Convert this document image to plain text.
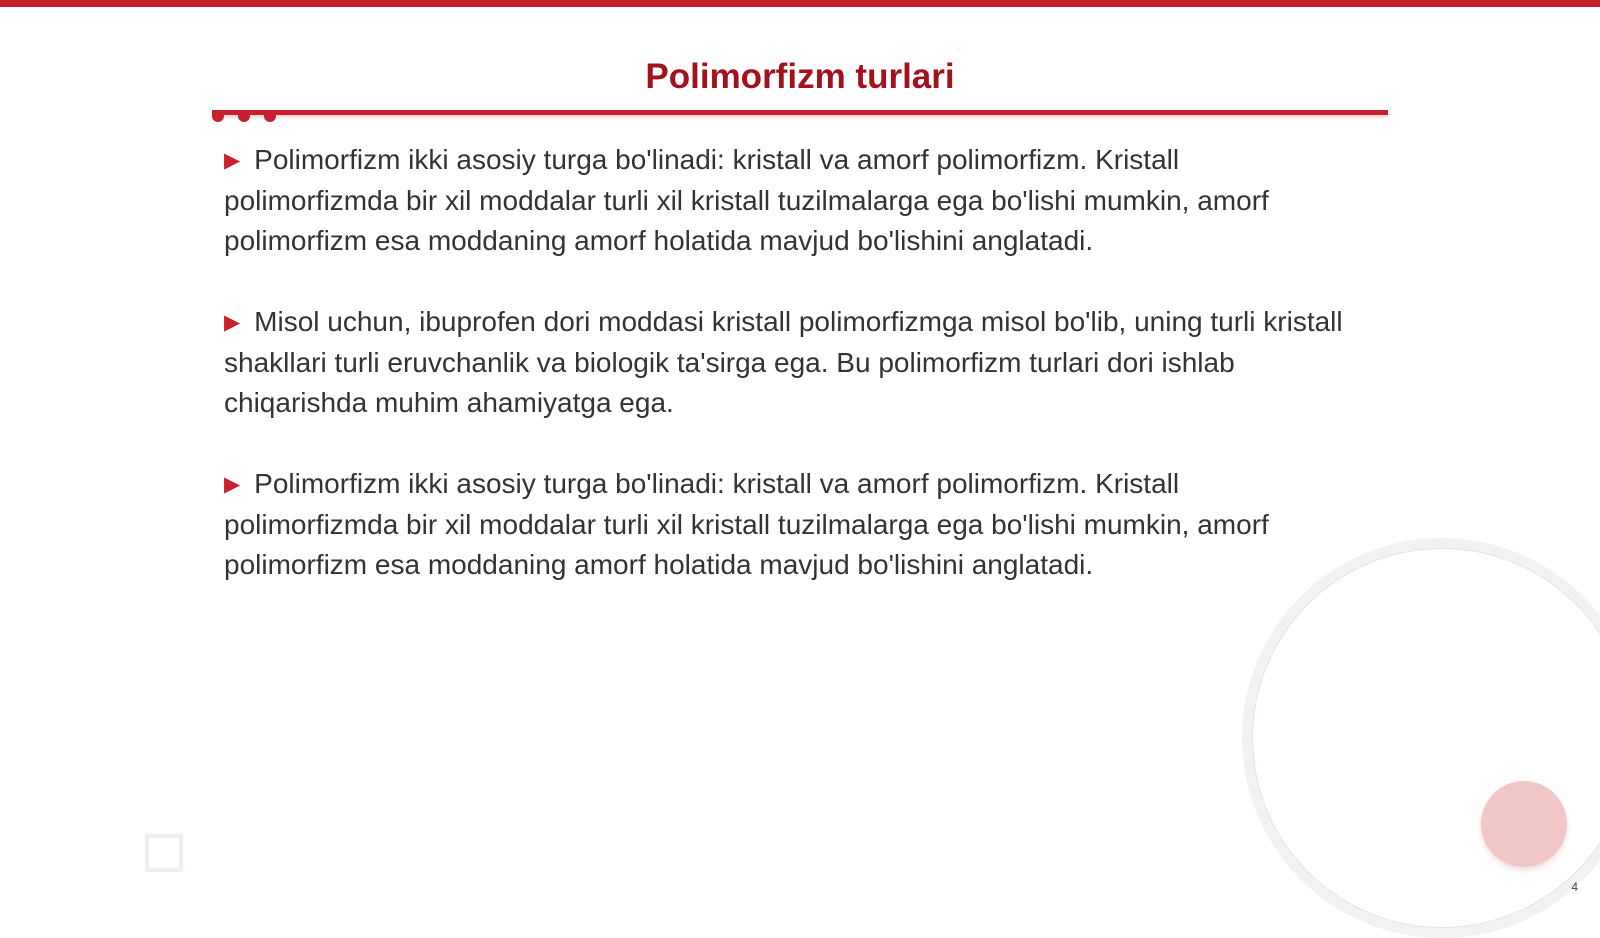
Polimorfizm turlari

▶ Polimorfizm ikki asosiy turga bo'linadi: kristall va amorf polimorfizm. Kristall polimorfizmda bir xil moddalar turli xil kristall tuzilmalarga ega bo'lishi mumkin, amorf polimorfizm esa moddaning amorf holatida mavjud bo'lishini anglatadi.

▶ Misol uchun, ibuprofen dori moddasi kristall polimorfizmga misol bo'lib, uning turli kristall shakllari turli eruvchanlik va biologik ta'sirga ega. Bu polimorfizm turlari dori ishlab chiqarishda muhim ahamiyatga ega.

▶ Polimorfizm ikki asosiy turga bo'linadi: kristall va amorf polimorfizm. Kristall polimorfizmda bir xil moddalar turli xil kristall tuzilmalarga ega bo'lishi mumkin, amorf polimorfizm esa moddaning amorf holatida mavjud bo'lishini anglatadi.

4
